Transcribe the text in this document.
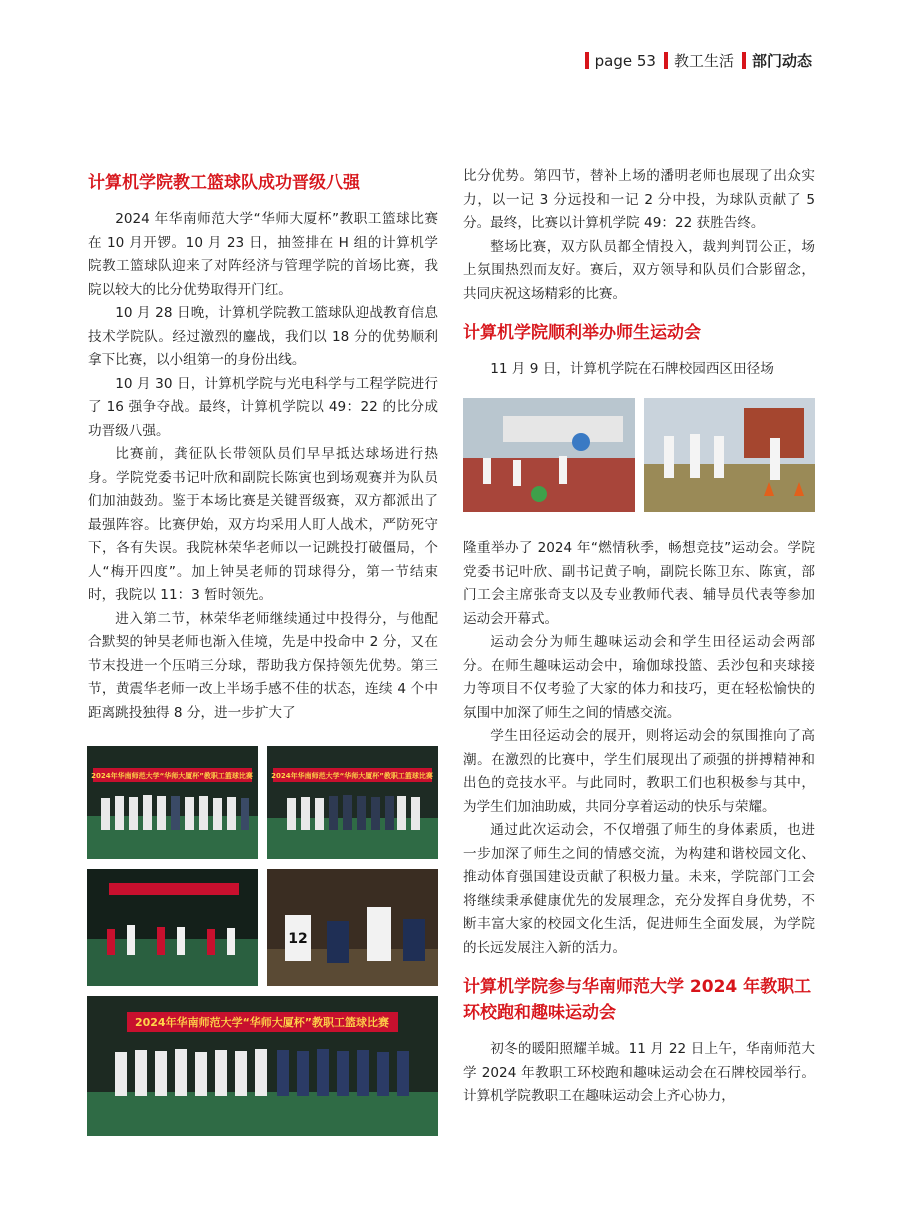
page 53 教工生活 部门动态
计算机学院教工篮球队成功晋级八强

2024 年华南师范大学“华师大厦杯”教职工篮球比赛在 10 月开锣。10 月 23 日，抽签排在 H 组的计算机学院教工篮球队迎来了对阵经济与管理学院的首场比赛，我院以较大的比分优势取得开门红。

10 月 28 日晚，计算机学院教工篮球队迎战教育信息技术学院队。经过激烈的鏖战，我们以 18 分的优势顺利拿下比赛，以小组第一的身份出线。

10 月 30 日，计算机学院与光电科学与工程学院进行了 16 强争夺战。最终，计算机学院以 49：22 的比分成功晋级八强。

比赛前，龚征队长带领队员们早早抵达球场进行热身。学院党委书记叶欣和副院长陈寅也到场观赛并为队员们加油鼓劲。鉴于本场比赛是关键晋级赛，双方都派出了最强阵容。比赛伊始，双方均采用人盯人战术，严防死守下，各有失误。我院林荣华老师以一记跳投打破僵局，个人“梅开四度”。加上钟昊老师的罚球得分，第一节结束时，我院以 11：3 暂时领先。

进入第二节，林荣华老师继续通过中投得分，与他配合默契的钟昊老师也渐入佳境，先是中投命中 2 分，又在节末投进一个压哨三分球，帮助我方保持领先优势。第三节，黄震华老师一改上半场手感不佳的状态，连续 4 个中距离跳投独得 8 分，进一步扩大了

2024年华南师范大学“华师大厦杯”教职工篮球比赛	2024年华南师范大学“华师大厦杯”教职工篮球比赛
12
2024年华南师范大学“华师大厦杯”教职工篮球比赛

比分优势。第四节，替补上场的潘明老师也展现了出众实力，以一记 3 分远投和一记 2 分中投，为球队贡献了 5 分。最终，比赛以计算机学院 49：22 获胜告终。

整场比赛，双方队员都全情投入，裁判判罚公正，场上氛围热烈而友好。赛后，双方领导和队员们合影留念，共同庆祝这场精彩的比赛。

计算机学院顺利举办师生运动会

11 月 9 日，计算机学院在石牌校园西区田径场

隆重举办了 2024 年“燃情秋季，畅想竞技”运动会。学院党委书记叶欣、副书记黄子响，副院长陈卫东、陈寅，部门工会主席张奇支以及专业教师代表、辅导员代表等参加运动会开幕式。

运动会分为师生趣味运动会和学生田径运动会两部分。在师生趣味运动会中，瑜伽球投篮、丢沙包和夹球接力等项目不仅考验了大家的体力和技巧，更在轻松愉快的氛围中加深了师生之间的情感交流。

学生田径运动会的展开，则将运动会的氛围推向了高潮。在激烈的比赛中，学生们展现出了顽强的拼搏精神和出色的竞技水平。与此同时，教职工们也积极参与其中，为学生们加油助威，共同分享着运动的快乐与荣耀。

通过此次运动会，不仅增强了师生的身体素质，也进一步加深了师生之间的情感交流，为构建和谐校园文化、推动体育强国建设贡献了积极力量。未来，学院部门工会将继续秉承健康优先的发展理念，充分发挥自身优势，不断丰富大家的校园文化生活，促进师生全面发展，为学院的长远发展注入新的活力。

计算机学院参与华南师范大学 2024 年教职工环校跑和趣味运动会

初冬的暖阳照耀羊城。11 月 22 日上午，华南师范大学 2024 年教职工环校跑和趣味运动会在石牌校园举行。计算机学院教职工在趣味运动会上齐心协力，
